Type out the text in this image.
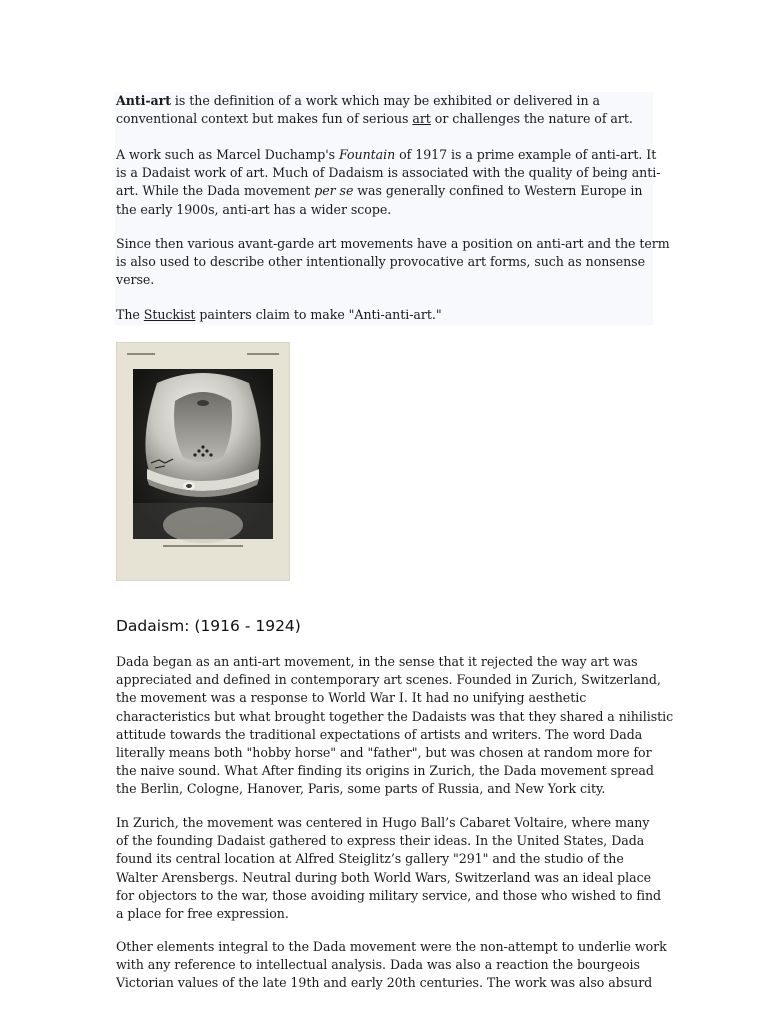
Anti-art is the definition of a work which may be exhibited or delivered in a
conventional context but makes fun of serious art or challenges the nature of art.

A work such as Marcel Duchamp's Fountain of 1917 is a prime example of anti-art. It
is a Dadaist work of art. Much of Dadaism is associated with the quality of being anti-
art. While the Dada movement per se was generally confined to Western Europe in
the early 1900s, anti-art has a wider scope.

Since then various avant-garde art movements have a position on anti-art and the term
is also used to describe other intentionally provocative art forms, such as nonsense
verse.

The Stuckist painters claim to make "Anti-anti-art."

Dadaism: (1916 - 1924)

Dada began as an anti-art movement, in the sense that it rejected the way art was
appreciated and defined in contemporary art scenes. Founded in Zurich, Switzerland,
the movement was a response to World War I. It had no unifying aesthetic
characteristics but what brought together the Dadaists was that they shared a nihilistic
attitude towards the traditional expectations of artists and writers. The word Dada
literally means both "hobby horse" and "father", but was chosen at random more for
the naive sound. What After finding its origins in Zurich, the Dada movement spread
the Berlin, Cologne, Hanover, Paris, some parts of Russia, and New York city.

In Zurich, the movement was centered in Hugo Ball’s Cabaret Voltaire, where many
of the founding Dadaist gathered to express their ideas. In the United States, Dada
found its central location at Alfred Steiglitz’s gallery "291" and the studio of the
Walter Arensbergs. Neutral during both World Wars, Switzerland was an ideal place
for objectors to the war, those avoiding military service, and those who wished to find
a place for free expression.

Other elements integral to the Dada movement were the non-attempt to underlie work
with any reference to intellectual analysis. Dada was also a reaction the bourgeois
Victorian values of the late 19th and early 20th centuries. The work was also absurd
